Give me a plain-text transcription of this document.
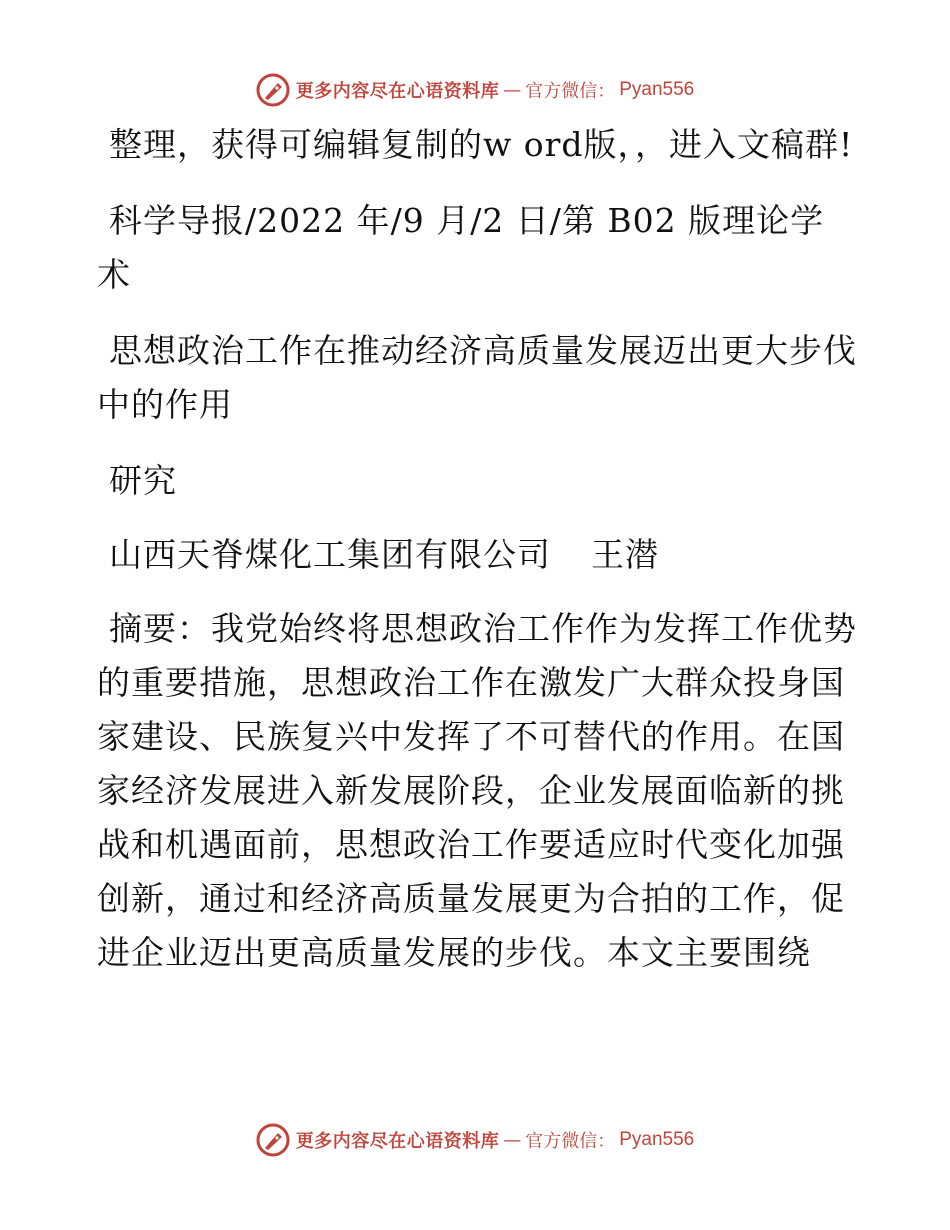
更多内容尽在心语资料库 — 官方微信： Pyan556

整理，获得可编辑复制的w ord版，，进入文稿群!

科学导报/2022 年/9 月/2 日/第 B02 版理论学术

思想政治工作在推动经济高质量发展迈出更大步伐中的作用

研究

山西天脊煤化工集团有限公司 王潜

摘要：我党始终将思想政治工作作为发挥工作优势的重要措施，思想政治工作在激发广大群众投身国家建设、民族复兴中发挥了不可替代的作用。在国家经济发展进入新发展阶段，企业发展面临新的挑战和机遇面前，思想政治工作要适应时代变化加强创新，通过和经济高质量发展更为合拍的工作，促进企业迈出更高质量发展的步伐。本文主要围绕

更多内容尽在心语资料库 — 官方微信： Pyan556
